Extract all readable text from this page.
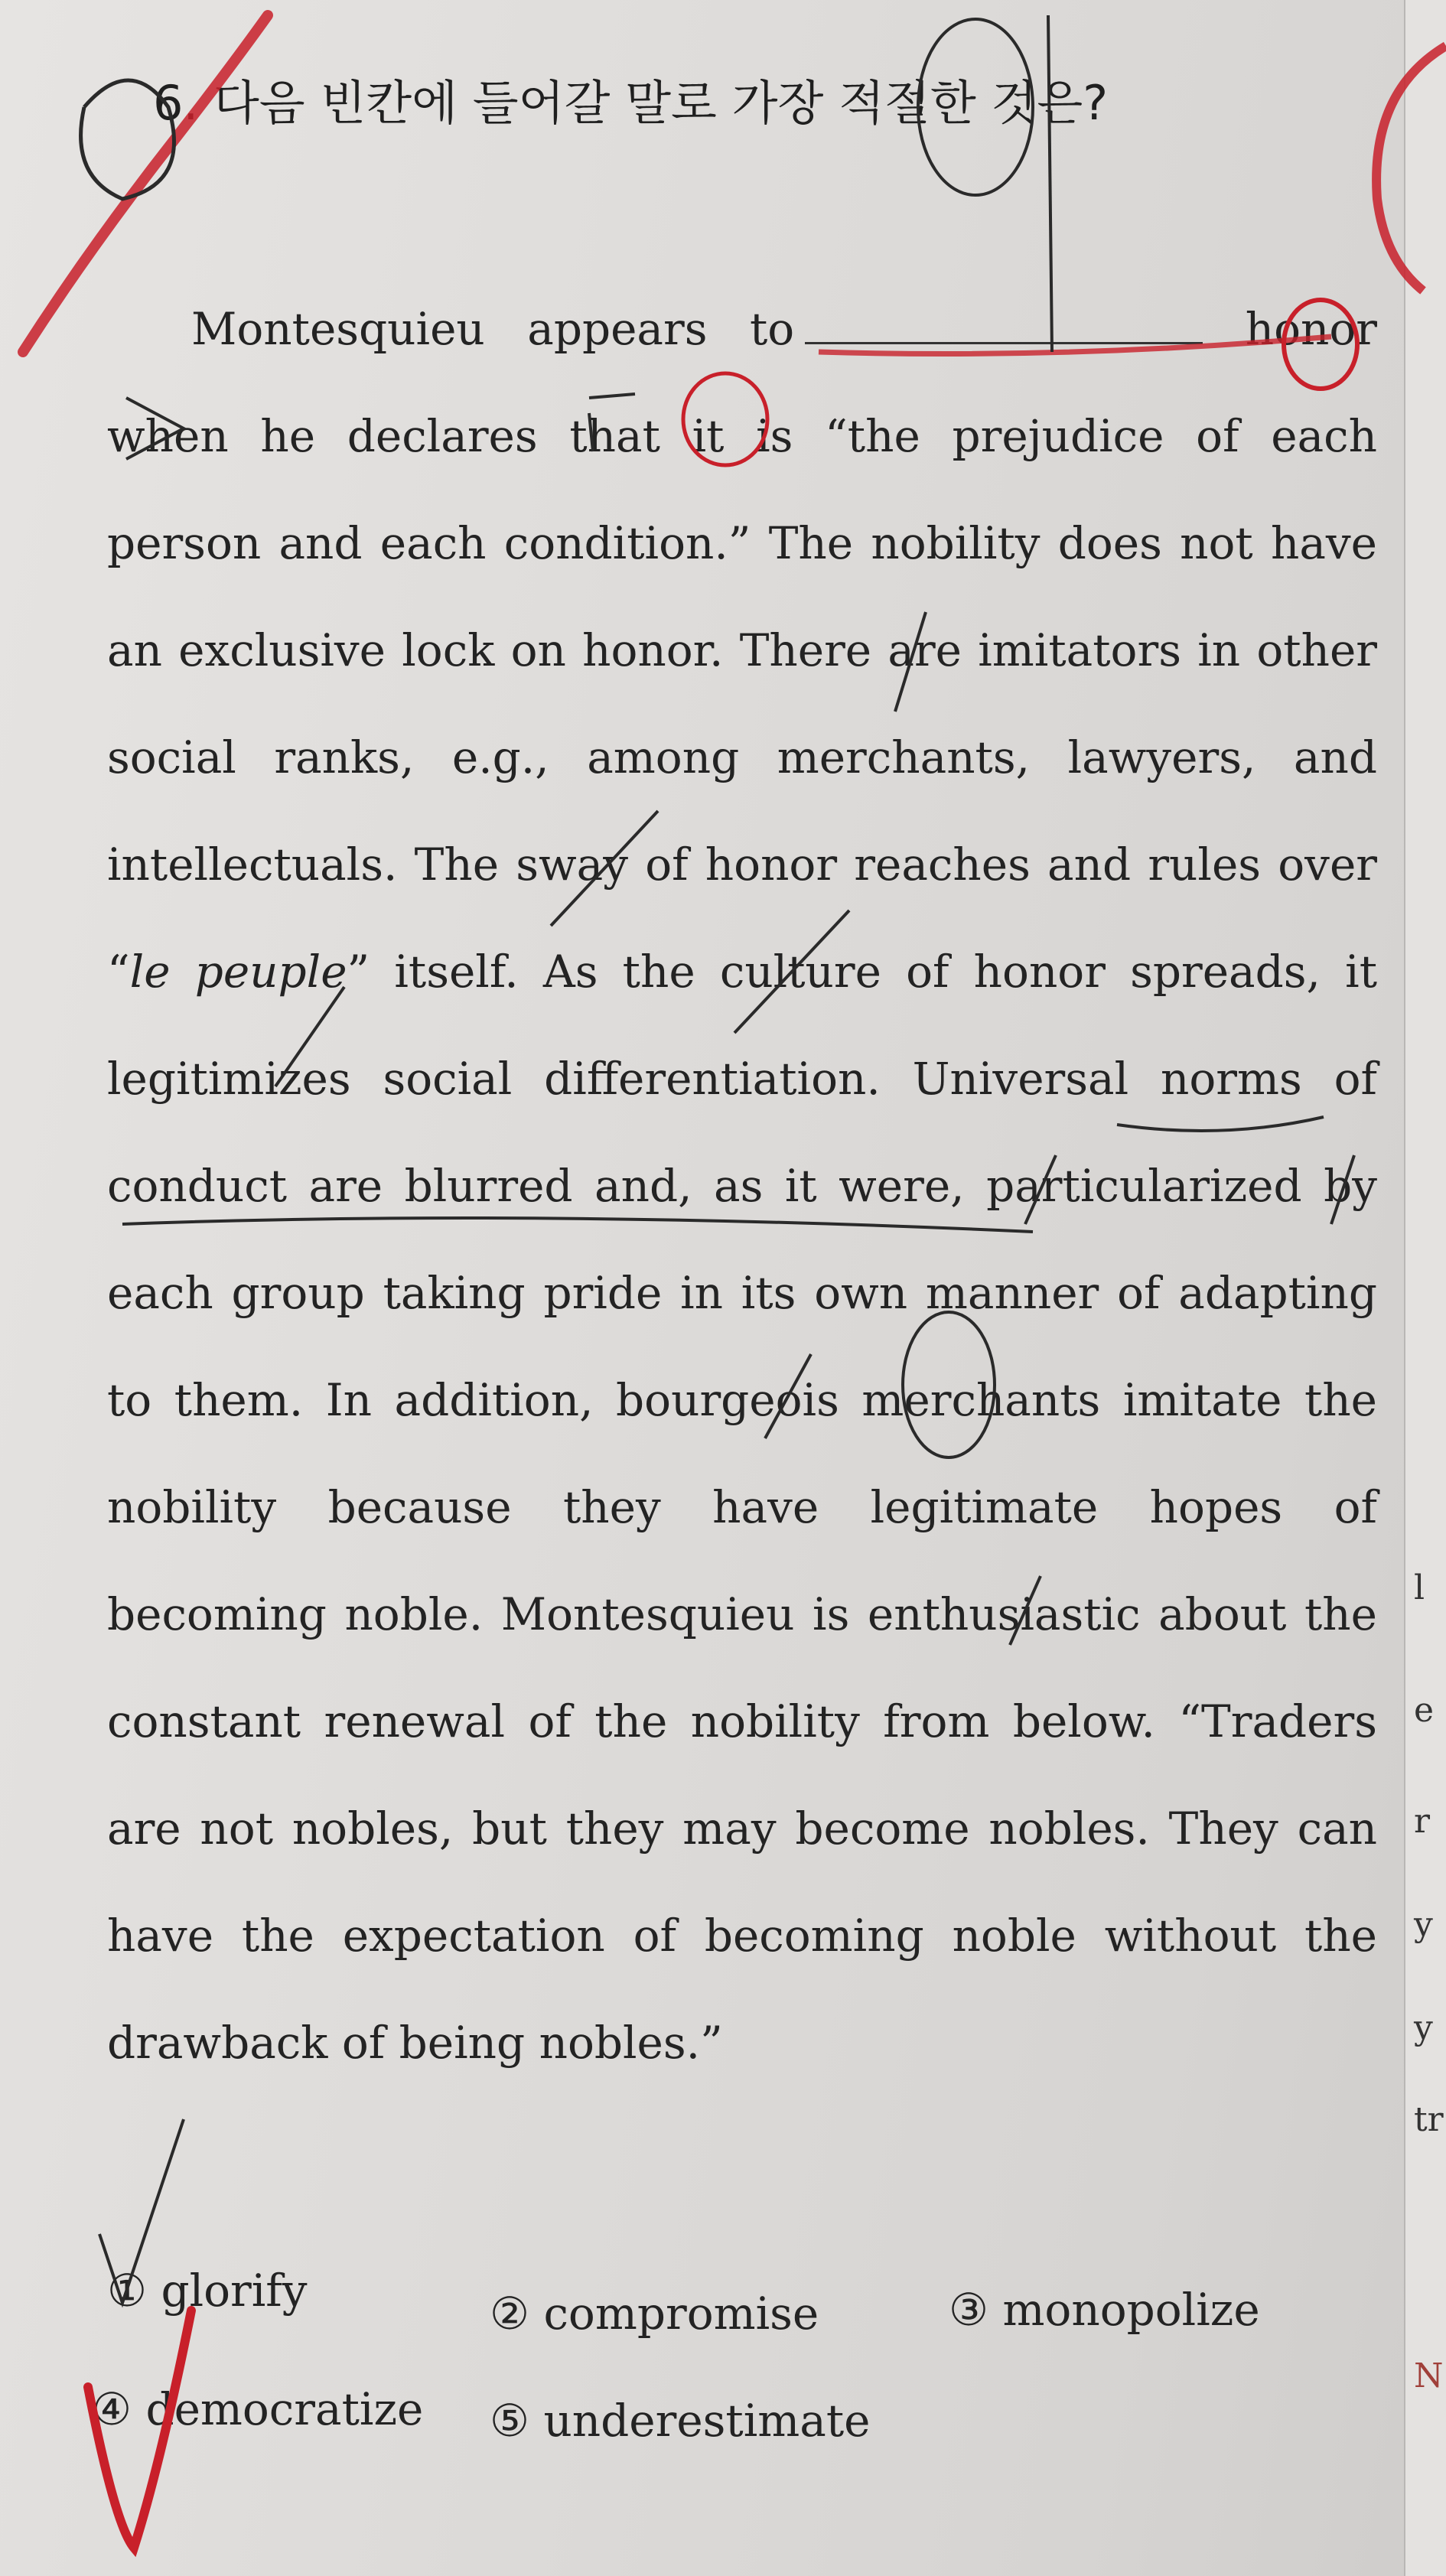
l
e
r
y
y
tr
N
6. 다음 빈칸에 들어갈 말로 가장 적절한 것은?
Montesquieu appears to	honor when he declares that it is “the prejudice of each person and each condition.” The nobility does not have an exclusive lock on honor. There are imitators in other social ranks, e.g., among merchants, lawyers, and intellectuals. The sway of honor reaches and rules over “le peuple” itself. As the culture of honor spreads, it legitimizes social differentiation. Universal norms of conduct are blurred and, as it were, particularized by each group taking pride in its own manner of adapting to them. In addition, bourgeois merchants imitate the nobility because they have legitimate hopes of becoming noble. Montesquieu is enthusiastic about the constant renewal of the nobility from below. “Traders are not nobles, but they may become nobles. They can have the expectation of becoming noble without the drawback of being nobles.”
① glorify	② compromise	③ monopolize
④ democratize ⑤ underestimate
